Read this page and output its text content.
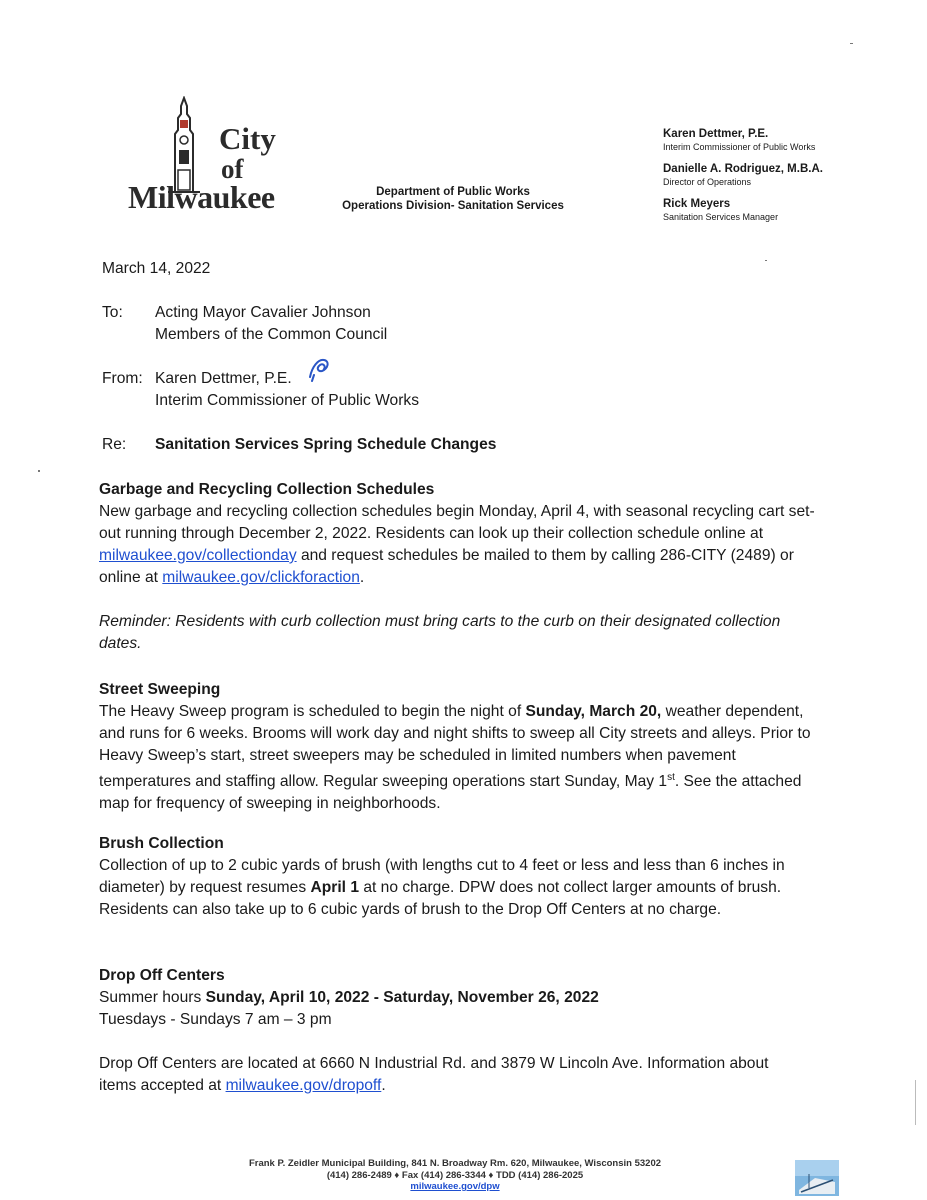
City
of
Milwaukee	Department of Public Works
Operations Division- Sanitation Services
Karen Dettmer, P.E.
Interim Commissioner of Public Works
Danielle A. Rodriguez, M.B.A.
Director of Operations
Rick Meyers
Sanitation Services Manager
March 14, 2022
To: Acting Mayor Cavalier Johnson
Members of the Common Council
From: Karen Dettmer, P.E.
Interim Commissioner of Public Works
Re: Sanitation Services Spring Schedule Changes
Garbage and Recycling Collection Schedules
New garbage and recycling collection schedules begin Monday, April 4, with seasonal recycling cart set-out running through December 2, 2022. Residents can look up their collection schedule online at milwaukee.gov/collectionday and request schedules be mailed to them by calling 286-CITY (2489) or online at milwaukee.gov/clickforaction.
Reminder: Residents with curb collection must bring carts to the curb on their designated collection dates.
Street Sweeping
The Heavy Sweep program is scheduled to begin the night of Sunday, March 20, weather dependent, and runs for 6 weeks. Brooms will work day and night shifts to sweep all City streets and alleys. Prior to Heavy Sweep’s start, street sweepers may be scheduled in limited numbers when pavement temperatures and staffing allow. Regular sweeping operations start Sunday, May 1st. See the attached map for frequency of sweeping in neighborhoods.
Brush Collection
Collection of up to 2 cubic yards of brush (with lengths cut to 4 feet or less and less than 6 inches in diameter) by request resumes April 1 at no charge. DPW does not collect larger amounts of brush. Residents can also take up to 6 cubic yards of brush to the Drop Off Centers at no charge.
Drop Off Centers
Summer hours Sunday, April 10, 2022 - Saturday, November 26, 2022
Tuesdays - Sundays 7 am – 3 pm
Drop Off Centers are located at 6660 N Industrial Rd. and 3879 W Lincoln Ave. Information about items accepted at milwaukee.gov/dropoff.
Frank P. Zeidler Municipal Building, 841 N. Broadway Rm. 620, Milwaukee, Wisconsin 53202
(414) 286-2489 ♦ Fax (414) 286-3344 ♦ TDD (414) 286-2025
milwaukee.gov/dpw
